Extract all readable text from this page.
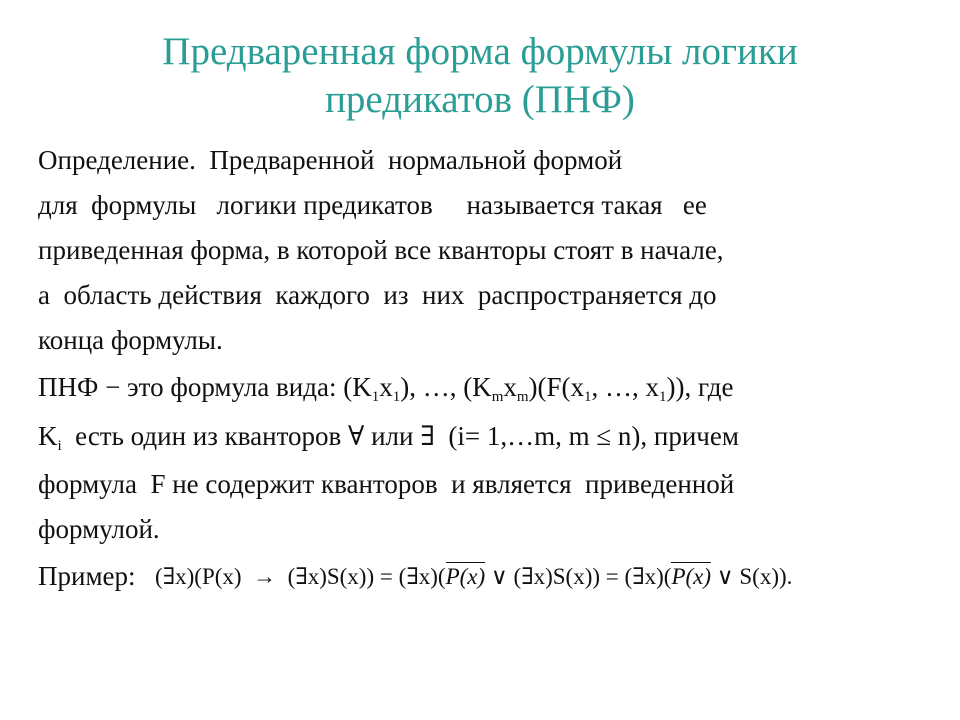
Предваренная форма формулы логики
предикатов (ПНФ)
Определение.  Предваренной  нормальной формой
для  формулы   логики предикатов     называется такая   ее
приведенная форма, в которой все кванторы стоят в начале,
а  область действия  каждого  из  них  распространяется до
конца формулы.
ПНФ − это формула вида: $(K_1x_1)$, …, $(K_mx_m)(F(x_1$, …, $x_1$)), где
$K_i$  есть один из кванторов ∀ или ∃  (i= 1,…m, m ≤ n), причем
формула  F не содержит кванторов  и является  приведенной
формулой.
Пример: (∃x)(P(x)  →  (∃x)S(x)) = (∃x)(
P(x) ∨ (∃x)S(x)) = (∃x)(
P(x) ∨ S(x)).
